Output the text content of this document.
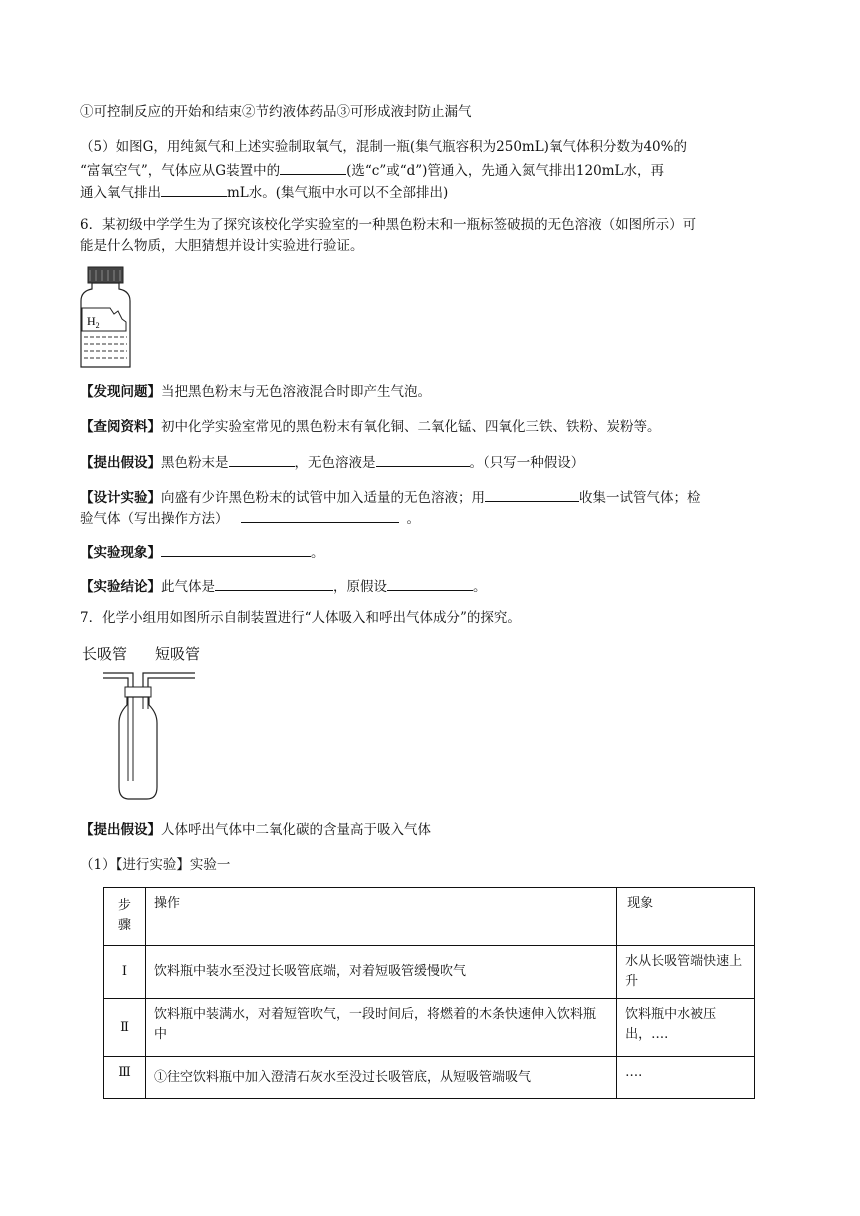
①可控制反应的开始和结束②节约液体药品③可形成液封防止漏气
（5）如图G，用纯氮气和上述实验制取氧气，混制一瓶(集气瓶容积为250mL)氧气体积分数为40%的
“富氧空气”，气体应从G装置中的	(选“c”或“d”)管通入，先通入氮气排出120mL水，再
通入氧气排出	mL水。(集气瓶中水可以不全部排出)
6．某初级中学学生为了探究该校化学实验室的一种黑色粉末和一瓶标签破损的无色溶液（如图所示）可
能是什么物质，大胆猜想并设计实验进行验证。
$H_2$
【发现问题】当把黑色粉末与无色溶液混合时即产生气泡。
【查阅资料】初中化学实验室常见的黑色粉末有氧化铜、二氧化锰、四氧化三铁、铁粉、炭粉等。
【提出假设】黑色粉末是	，无色溶液是	。（只写一种假设）
【设计实验】向盛有少许黑色粉末的试管中加入适量的无色溶液；用	收集一试管气体；检
验气体（写出操作方法）	。
【实验现象】	。
【实验结论】此气体是	，原假设	。
7．化学小组用如图所示自制装置进行“人体吸入和呼出气体成分”的探究。
长吸管 短吸管
【提出假设】人体呼出气体中二氧化碳的含量高于吸入气体
（1）【进行实验】实验一
步骤	操作	现象
Ⅰ	饮料瓶中装水至没过长吸管底端，对着短吸管缓慢吹气	水从长吸管端快速上升
Ⅱ	饮料瓶中装满水，对着短管吹气，一段时间后，将燃着的木条快速伸入饮料瓶中	饮料瓶中水被压出，….
Ⅲ	①往空饮料瓶中加入澄清石灰水至没过长吸管底，从短吸管端吸气	….
